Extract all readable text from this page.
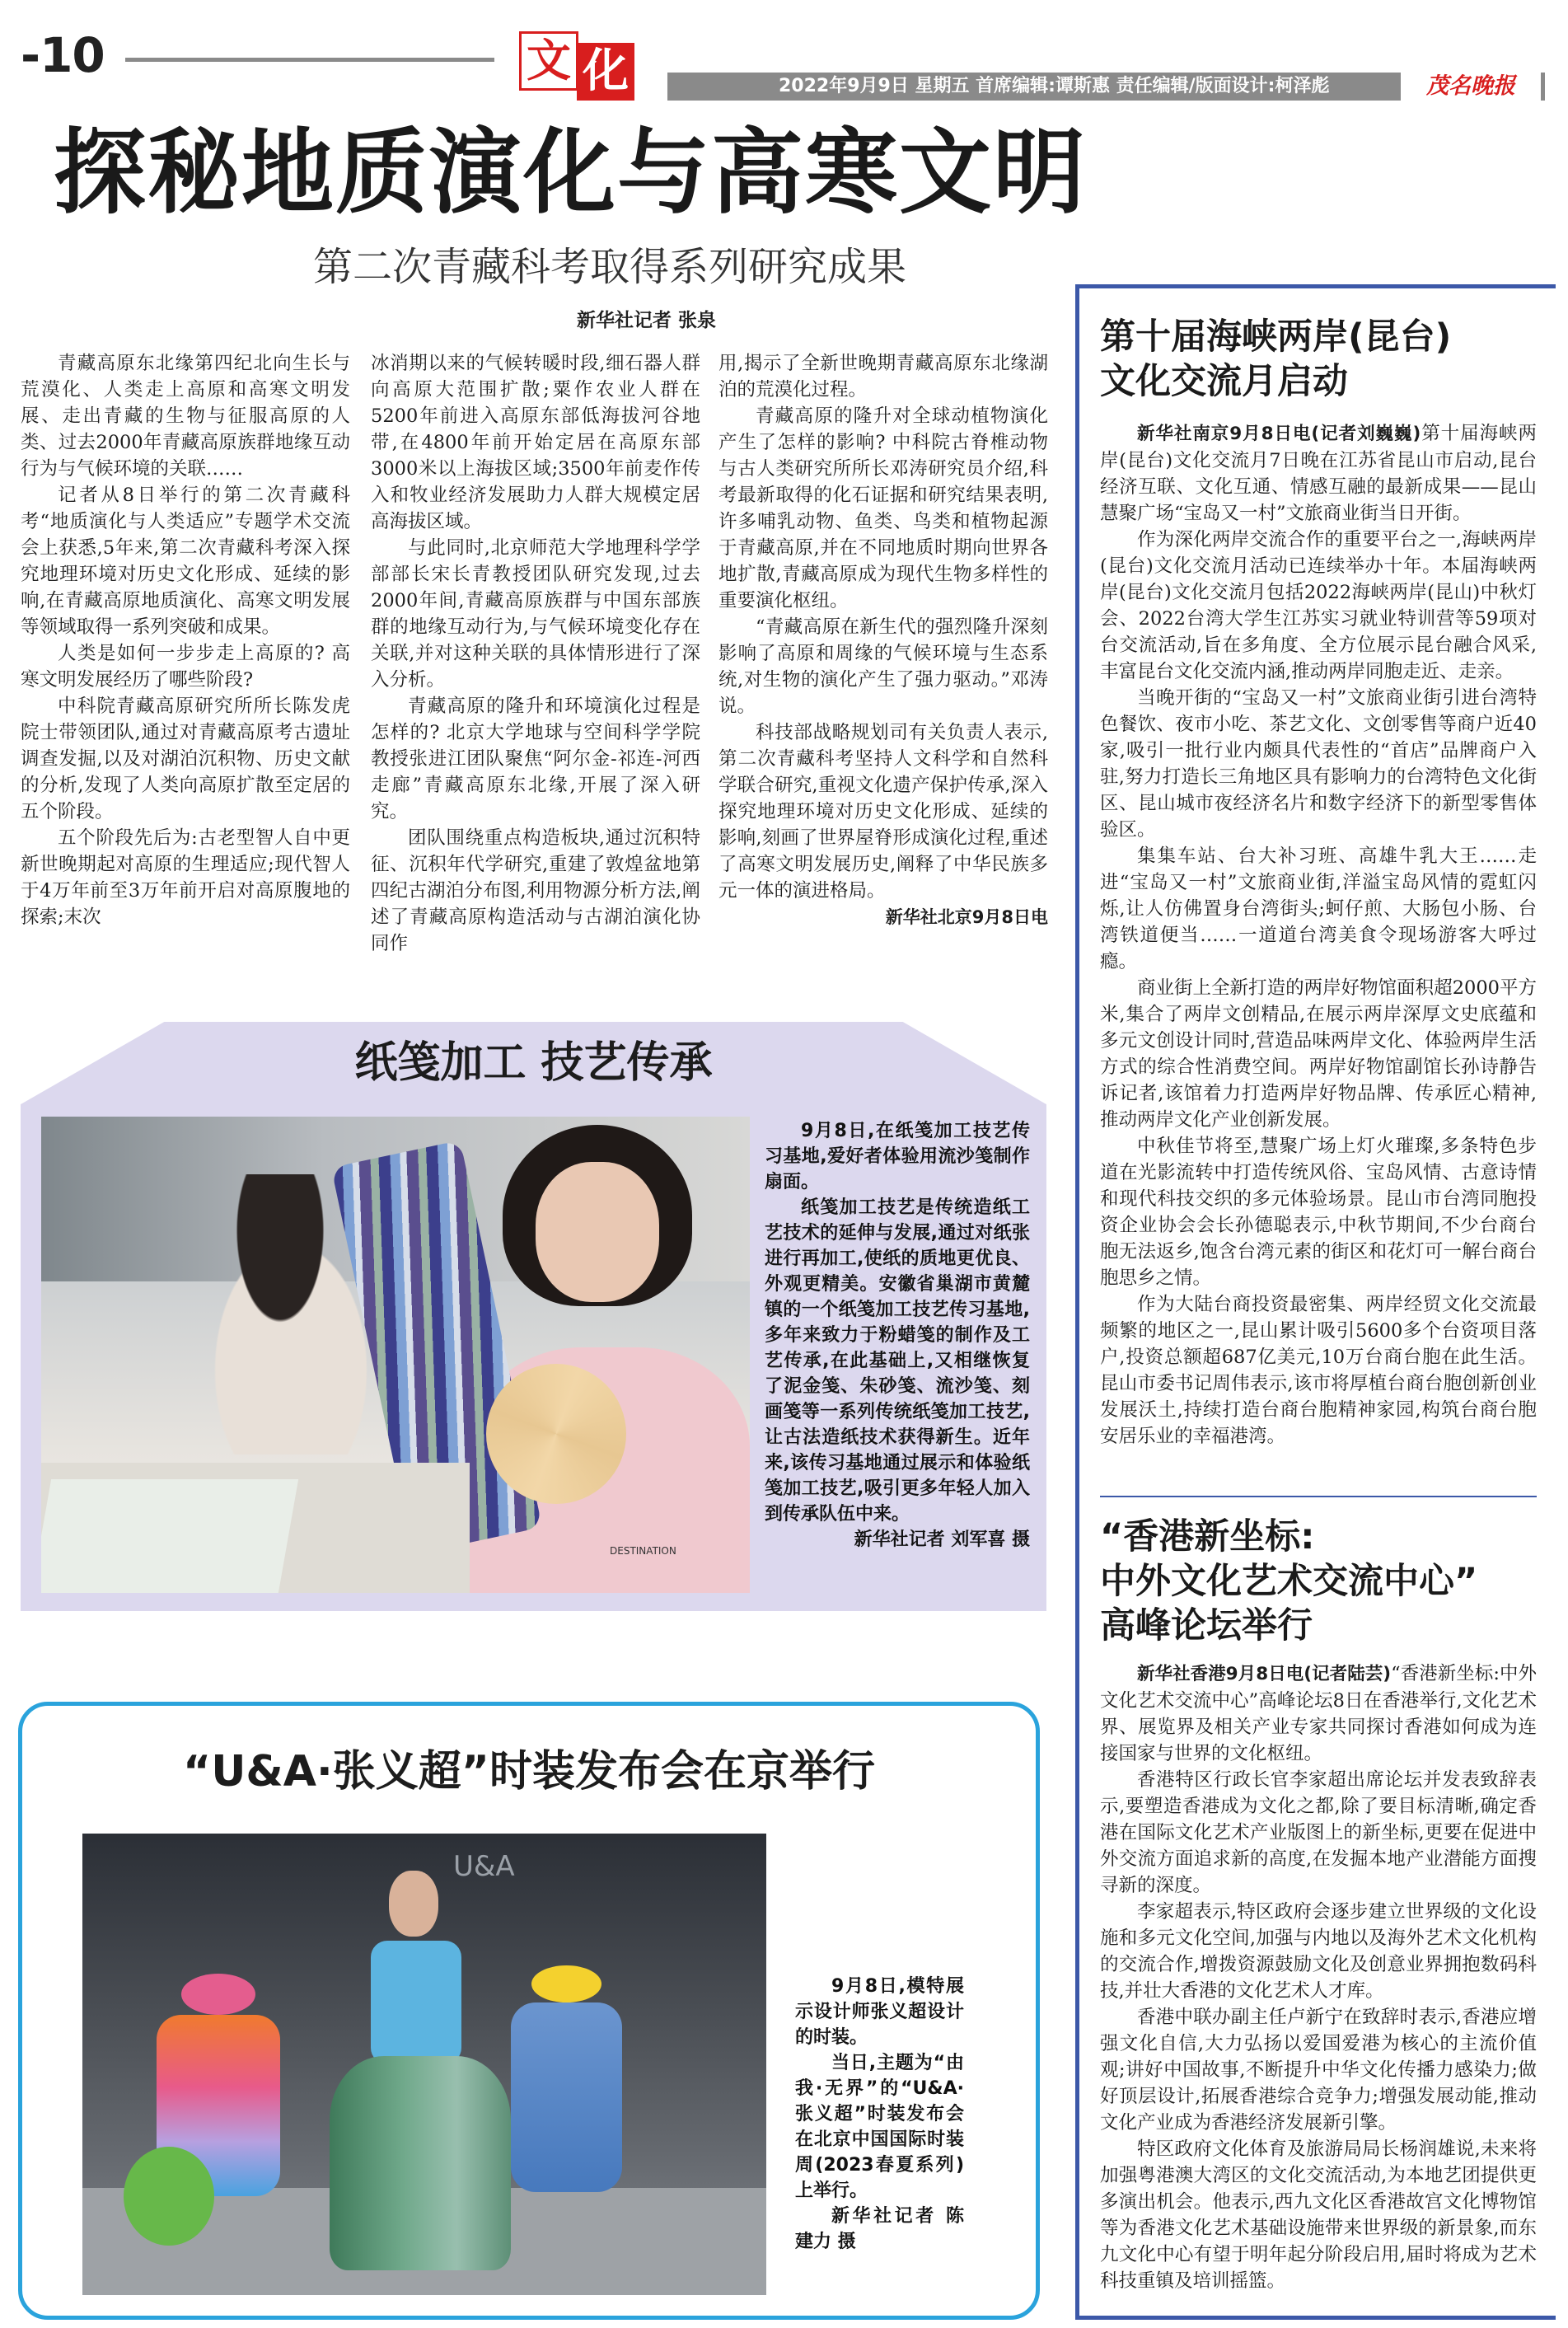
-10	文 化	2022年9月9日 星期五 首席编辑:谭斯惠 责任编辑/版面设计:柯泽彪	茂名晚报
探秘地质演化与高寒文明
第二次青藏科考取得系列研究成果
新华社记者 张泉

青藏高原东北缘第四纪北向生长与荒漠化、人类走上高原和高寒文明发展、走出青藏的生物与征服高原的人类、过去2000年青藏高原族群地缘互动行为与气候环境的关联……

记者从8日举行的第二次青藏科考“地质演化与人类适应”专题学术交流会上获悉,5年来,第二次青藏科考深入探究地理环境对历史文化形成、延续的影响,在青藏高原地质演化、高寒文明发展等领域取得一系列突破和成果。

人类是如何一步步走上高原的? 高寒文明发展经历了哪些阶段?

中科院青藏高原研究所所长陈发虎院士带领团队,通过对青藏高原考古遗址调查发掘,以及对湖泊沉积物、历史文献的分析,发现了人类向高原扩散至定居的五个阶段。

五个阶段先后为:古老型智人自中更新世晚期起对高原的生理适应;现代智人于4万年前至3万年前开启对高原腹地的探索;末次

冰消期以来的气候转暖时段,细石器人群向高原大范围扩散;粟作农业人群在5200年前进入高原东部低海拔河谷地带,在4800年前开始定居在高原东部3000米以上海拔区域;3500年前麦作传入和牧业经济发展助力人群大规模定居高海拔区域。

与此同时,北京师范大学地理科学学部部长宋长青教授团队研究发现,过去2000年间,青藏高原族群与中国东部族群的地缘互动行为,与气候环境变化存在关联,并对这种关联的具体情形进行了深入分析。

青藏高原的隆升和环境演化过程是怎样的? 北京大学地球与空间科学学院教授张进江团队聚焦“阿尔金-祁连-河西走廊”青藏高原东北缘,开展了深入研究。

团队围绕重点构造板块,通过沉积特征、沉积年代学研究,重建了敦煌盆地第四纪古湖泊分布图,利用物源分析方法,阐述了青藏高原构造活动与古湖泊演化协同作

用,揭示了全新世晚期青藏高原东北缘湖泊的荒漠化过程。

青藏高原的隆升对全球动植物演化产生了怎样的影响? 中科院古脊椎动物与古人类研究所所长邓涛研究员介绍,科考最新取得的化石证据和研究结果表明,许多哺乳动物、鱼类、鸟类和植物起源于青藏高原,并在不同地质时期向世界各地扩散,青藏高原成为现代生物多样性的重要演化枢纽。

“青藏高原在新生代的强烈隆升深刻影响了高原和周缘的气候环境与生态系统,对生物的演化产生了强力驱动。”邓涛说。

科技部战略规划司有关负责人表示,第二次青藏科考坚持人文科学和自然科学联合研究,重视文化遗产保护传承,深入探究地理环境对历史文化形成、延续的影响,刻画了世界屋脊形成演化过程,重述了高寒文明发展历史,阐释了中华民族多元一体的演进格局。

新华社北京9月8日电

纸笺加工 技艺传承
DESTINATION

9月8日,在纸笺加工技艺传习基地,爱好者体验用流沙笺制作扇面。

纸笺加工技艺是传统造纸工艺技术的延伸与发展,通过对纸张进行再加工,使纸的质地更优良、外观更精美。安徽省巢湖市黄麓镇的一个纸笺加工技艺传习基地,多年来致力于粉蜡笺的制作及工艺传承,在此基础上,又相继恢复了泥金笺、朱砂笺、流沙笺、刻画笺等一系列传统纸笺加工技艺,让古法造纸技术获得新生。近年来,该传习基地通过展示和体验纸笺加工技艺,吸引更多年轻人加入到传承队伍中来。

新华社记者 刘军喜 摄

“U&A·张义超”时装发布会在京举行
U&A

9月8日,模特展示设计师张义超设计的时装。

当日,主题为“由我·无界”的“U&A·张义超”时装发布会在北京中国国际时装周(2023春夏系列)上举行。

新华社记者 陈建力 摄

第十届海峡两岸(昆台)
文化交流月启动

新华社南京9月8日电(记者刘巍巍)第十届海峡两岸(昆台)文化交流月7日晚在江苏省昆山市启动,昆台经济互联、文化互通、情感互融的最新成果——昆山慧聚广场“宝岛又一村”文旅商业街当日开街。

作为深化两岸交流合作的重要平台之一,海峡两岸(昆台)文化交流月活动已连续举办十年。本届海峡两岸(昆台)文化交流月包括2022海峡两岸(昆山)中秋灯会、2022台湾大学生江苏实习就业特训营等59项对台交流活动,旨在多角度、全方位展示昆台融合风采,丰富昆台文化交流内涵,推动两岸同胞走近、走亲。

当晚开街的“宝岛又一村”文旅商业街引进台湾特色餐饮、夜市小吃、茶艺文化、文创零售等商户近40家,吸引一批行业内颇具代表性的“首店”品牌商户入驻,努力打造长三角地区具有影响力的台湾特色文化街区、昆山城市夜经济名片和数字经济下的新型零售体验区。

集集车站、台大补习班、高雄牛乳大王……走进“宝岛又一村”文旅商业街,洋溢宝岛风情的霓虹闪烁,让人仿佛置身台湾街头;蚵仔煎、大肠包小肠、台湾铁道便当……一道道台湾美食令现场游客大呼过瘾。

商业街上全新打造的两岸好物馆面积超2000平方米,集合了两岸文创精品,在展示两岸深厚文史底蕴和多元文创设计同时,营造品味两岸文化、体验两岸生活方式的综合性消费空间。两岸好物馆副馆长孙诗静告诉记者,该馆着力打造两岸好物品牌、传承匠心精神,推动两岸文化产业创新发展。

中秋佳节将至,慧聚广场上灯火璀璨,多条特色步道在光影流转中打造传统风俗、宝岛风情、古意诗情和现代科技交织的多元体验场景。昆山市台湾同胞投资企业协会会长孙德聪表示,中秋节期间,不少台商台胞无法返乡,饱含台湾元素的街区和花灯可一解台商台胞思乡之情。

作为大陆台商投资最密集、两岸经贸文化交流最频繁的地区之一,昆山累计吸引5600多个台资项目落户,投资总额超687亿美元,10万台商台胞在此生活。昆山市委书记周伟表示,该市将厚植台商台胞创新创业发展沃土,持续打造台商台胞精神家园,构筑台商台胞安居乐业的幸福港湾。

“香港新坐标:
中外文化艺术交流中心”
高峰论坛举行

新华社香港9月8日电(记者陆芸)“香港新坐标:中外文化艺术交流中心”高峰论坛8日在香港举行,文化艺术界、展览界及相关产业专家共同探讨香港如何成为连接国家与世界的文化枢纽。

香港特区行政长官李家超出席论坛并发表致辞表示,要塑造香港成为文化之都,除了要目标清晰,确定香港在国际文化艺术产业版图上的新坐标,更要在促进中外交流方面追求新的高度,在发掘本地产业潜能方面搜寻新的深度。

李家超表示,特区政府会逐步建立世界级的文化设施和多元文化空间,加强与内地以及海外艺术文化机构的交流合作,增拨资源鼓励文化及创意业界拥抱数码科技,并壮大香港的文化艺术人才库。

香港中联办副主任卢新宁在致辞时表示,香港应增强文化自信,大力弘扬以爱国爱港为核心的主流价值观;讲好中国故事,不断提升中华文化传播力感染力;做好顶层设计,拓展香港综合竞争力;增强发展动能,推动文化产业成为香港经济发展新引擎。

特区政府文化体育及旅游局局长杨润雄说,未来将加强粤港澳大湾区的文化交流活动,为本地艺团提供更多演出机会。他表示,西九文化区香港故宫文化博物馆等为香港文化艺术基础设施带来世界级的新景象,而东九文化中心有望于明年起分阶段启用,届时将成为艺术科技重镇及培训摇篮。
